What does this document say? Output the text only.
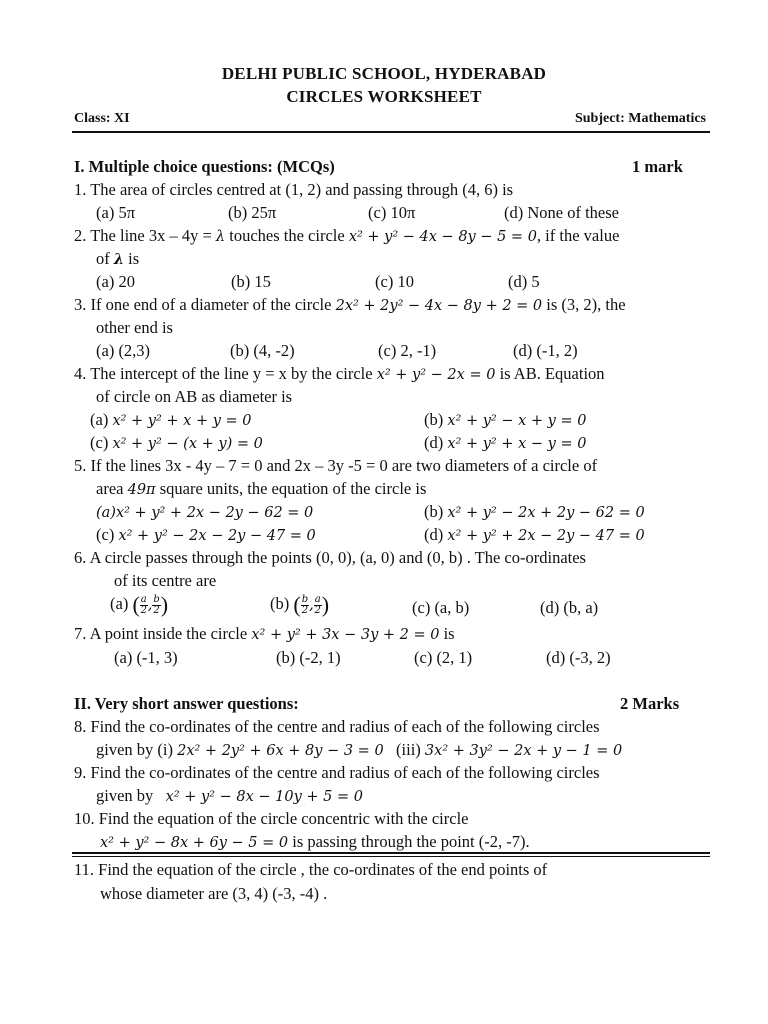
DELHI PUBLIC SCHOOL, HYDERABAD
CIRCLES WORKSHEET
Class: XI	Subject: Mathematics
I. Multiple choice questions: (MCQs)	1 mark
1. The area of circles centred at (1, 2) and passing through (4, 6) is
(a) 5π	(b) 25π	(c) 10π	(d) None of these
2. The line 3x – 4y = λ touches the circle x² + y² − 4x − 8y − 5 = 0, if the value
of λ is
(a) 20	(b) 15	(c) 10	(d) 5
3. If one end of a diameter of the circle 2x² + 2y² − 4x − 8y + 2 = 0 is (3, 2), the
other end is
(a) (2,3)	(b) (4, -2)	(c) 2, -1)	(d) (-1, 2)
4. The intercept of the line y = x by the circle x² + y² − 2x = 0 is AB. Equation
of circle on AB as diameter is
(a) x² + y² + x + y = 0	(b) x² + y² − x + y = 0
(c) x² + y² − (x + y) = 0	(d) x² + y² + x − y = 0
5. If the lines 3x - 4y – 7 = 0 and 2x – 3y -5 = 0 are two diameters of a circle of
area 49π square units, the equation of the circle is
(a)x² + y² + 2x − 2y − 62 = 0	(b) x² + y² − 2x + 2y − 62 = 0
(c) x² + y² − 2x − 2y − 47 = 0	(d) x² + y² + 2x − 2y − 47 = 0
6. A circle passes through the points (0, 0), (a, 0) and (0, b) . The co-ordinates
of its centre are
(a) ( $\frac{a}{2}$ , $\frac{b}{2}$ )	(b) ( $\frac{b}{2}$ , $\frac{a}{2}$ )	(c) (a, b)	(d) (b, a)
7. A point inside the circle x² + y² + 3x − 3y + 2 = 0 is
(a) (-1, 3)	(b) (-2, 1)	(c) (2, 1)	(d) (-3, 2)
II. Very short answer questions:	2 Marks
8. Find the co-ordinates of the centre and radius of each of the following circles
given by (i) 2x² + 2y² + 6x + 8y − 3 = 0   (iii) 3x² + 3y² − 2x + y − 1 = 0
9. Find the co-ordinates of the centre and radius of each of the following circles
given by   x² + y² − 8x − 10y + 5 = 0
10. Find the equation of the circle concentric with the circle
x² + y² − 8x + 6y − 5 = 0 is passing through the point (-2, -7).
11. Find the equation of the circle , the co-ordinates of the end points of
whose diameter are (3, 4) (-3, -4) .
